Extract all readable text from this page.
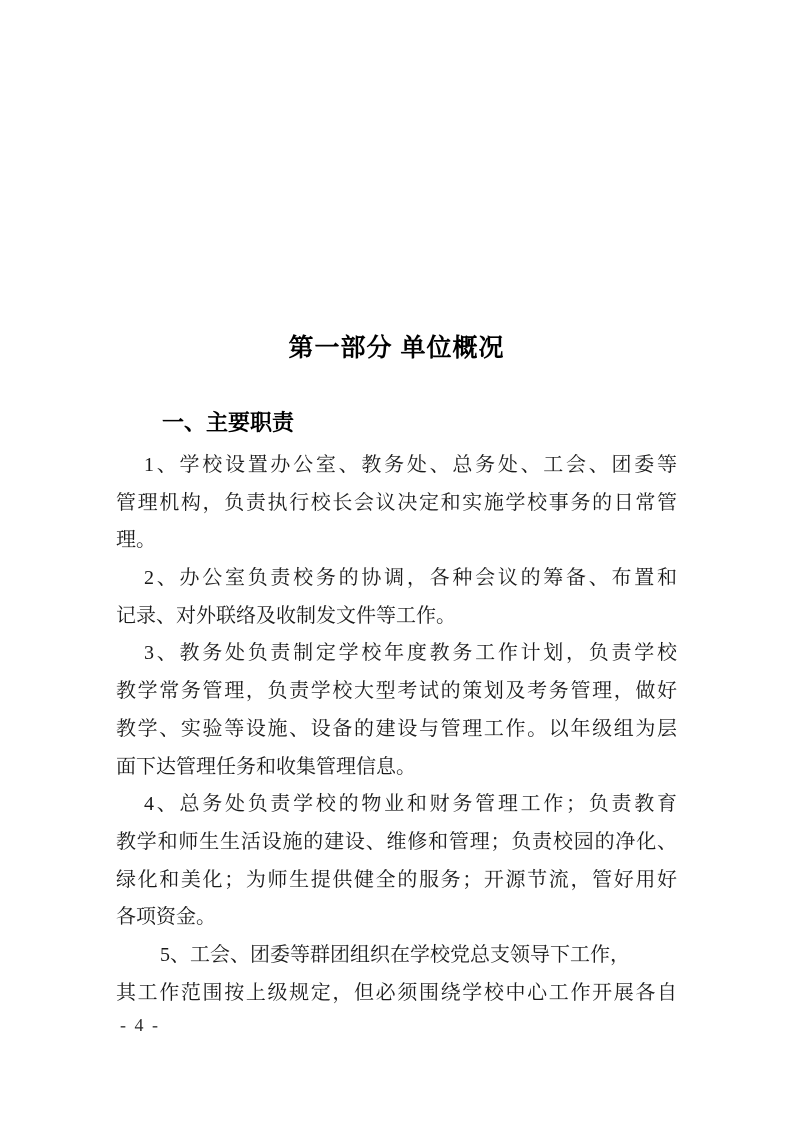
第一部分 单位概况
一、主要职责
1、学校设置办公室、教务处、总务处、工会、团委等
管理机构，负责执行校长会议决定和实施学校事务的日常管
理。
2、办公室负责校务的协调，各种会议的筹备、布置和
记录、对外联络及收制发文件等工作。
3、教务处负责制定学校年度教务工作计划，负责学校
教学常务管理，负责学校大型考试的策划及考务管理，做好
教学、实验等设施、设备的建设与管理工作。以年级组为层
面下达管理任务和收集管理信息。
4、总务处负责学校的物业和财务管理工作；负责教育
教学和师生生活设施的建设、维修和管理；负责校园的净化、
绿化和美化；为师生提供健全的服务；开源节流，管好用好
各项资金。
5、工会、团委等群团组织在学校党总支领导下工作，
其工作范围按上级规定，但必须围绕学校中心工作开展各自
- 4 -
